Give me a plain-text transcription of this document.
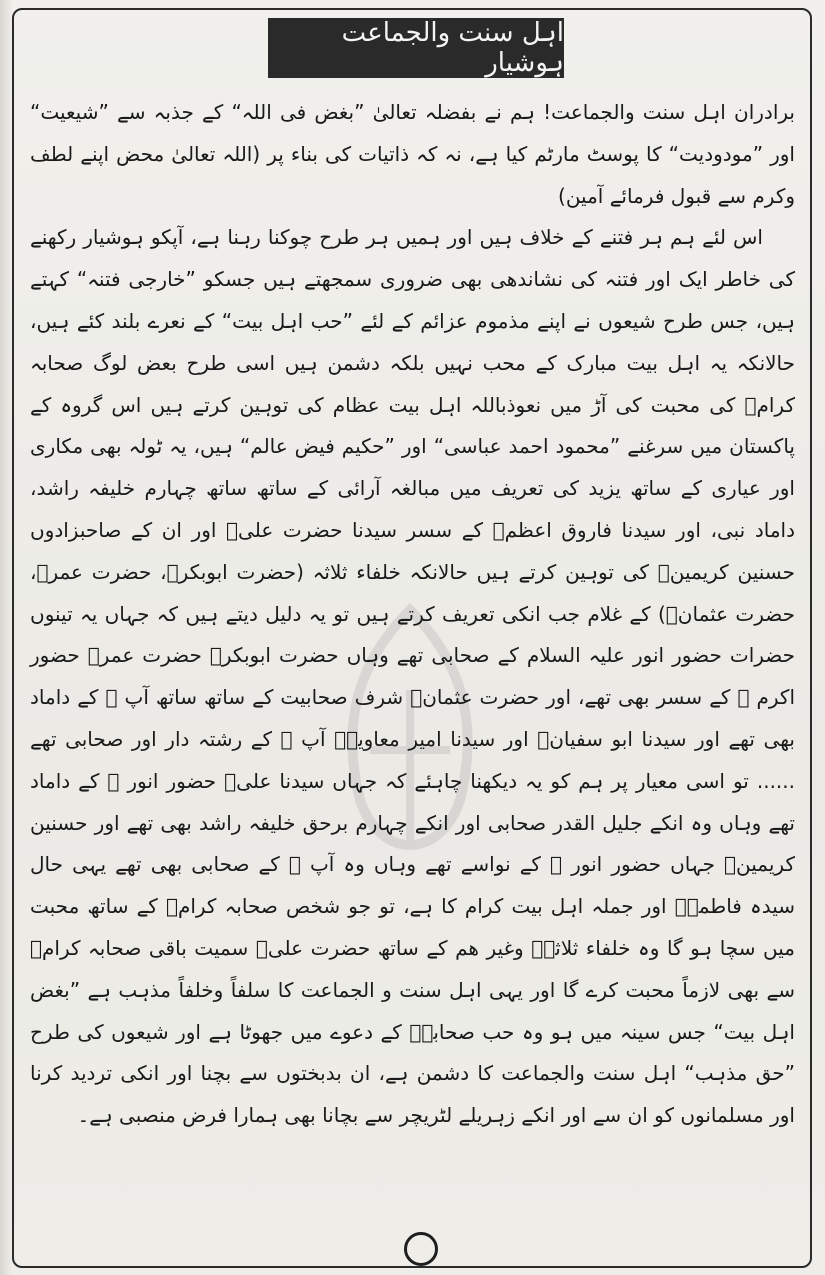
اہل سنت والجماعت ہوشیار

برادران اہل سنت والجماعت! ہم نے بفضلہ تعالیٰ ”بغض فی اللہ“ کے جذبہ سے ”شیعیت“ اور ”مودودیت“ کا پوسٹ مارٹم کیا ہے، نہ کہ ذاتیات کی بناء پر (اللہ تعالیٰ محض اپنے لطف وکرم سے قبول فرمائے آمین)

اس لئے ہم ہر فتنے کے خلاف ہیں اور ہمیں ہر طرح چوکنا رہنا ہے، آپکو ہوشیار رکھنے کی خاطر ایک اور فتنہ کی نشاندھی بھی ضروری سمجھتے ہیں جسکو ”خارجی فتنہ“ کہتے ہیں، جس طرح شیعوں نے اپنے مذموم عزائم کے لئے ”حب اہل بیت“ کے نعرے بلند کئے ہیں، حالانکہ یہ اہل بیت مبارک کے محب نہیں بلکہ دشمن ہیں اسی طرح بعض لوگ صحابہ کرامؓ کی محبت کی آڑ میں نعوذباللہ اہل بیت عظام کی توہین کرتے ہیں اس گروہ کے پاکستان میں سرغنے ”محمود احمد عباسی“ اور ”حکیم فیض عالم“ ہیں، یہ ٹولہ بھی مکاری اور عیاری کے ساتھ یزید کی تعریف میں مبالغہ آرائی کے ساتھ ساتھ چہارم خلیفہ راشد، داماد نبی، اور سیدنا فاروق اعظمؓ کے سسر سیدنا حضرت علیؓ اور ان کے صاحبزادوں حسنین کریمینؓ کی توہین کرتے ہیں حالانکہ خلفاء ثلاثہ (حضرت ابوبکرؓ، حضرت عمرؓ، حضرت عثمانؓ) کے غلام جب انکی تعریف کرتے ہیں تو یہ دلیل دیتے ہیں کہ جہاں یہ تینوں حضرات حضور انور علیہ السلام کے صحابی تھے وہاں حضرت ابوبکرؓ حضرت عمرؓ حضور اکرم ﷺ کے سسر بھی تھے، اور حضرت عثمانؓ شرف صحابیت کے ساتھ ساتھ آپ ﷺ کے داماد بھی تھے اور سیدنا ابو سفیانؓ اور سیدنا امیر معاویہؓ آپ ﷺ کے رشتہ دار اور صحابی تھے ...... تو اسی معیار پر ہم کو یہ دیکھنا چاہئے کہ جہاں سیدنا علیؓ حضور انور ﷺ کے داماد تھے وہاں وہ انکے جلیل القدر صحابی اور انکے چہارم برحق خلیفہ راشد بھی تھے اور حسنین کریمینؓ جہاں حضور انور ﷺ کے نواسے تھے وہاں وہ آپ ﷺ کے صحابی بھی تھے یہی حال سیدہ فاطمہؓ اور جملہ اہل بیت کرام کا ہے، تو جو شخص صحابہ کرامؓ کے ساتھ محبت میں سچا ہو گا وہ خلفاء ثلاثہؓ وغیر ھم کے ساتھ حضرت علیؓ سمیت باقی صحابہ کرامؓ سے بھی لازماً محبت کرے گا اور یہی اہل سنت و الجماعت کا سلفاً وخلفاً مذہب ہے ”بغض اہل بیت“ جس سینہ میں ہو وہ حب صحابہؓ کے دعوے میں جھوٹا ہے اور شیعوں کی طرح ”حق مذہب“ اہل سنت والجماعت کا دشمن ہے، ان بدبختوں سے بچنا اور انکی تردید کرنا اور مسلمانوں کو ان سے اور انکے زہریلے لٹریچر سے بچانا بھی ہمارا فرض منصبی ہے۔
